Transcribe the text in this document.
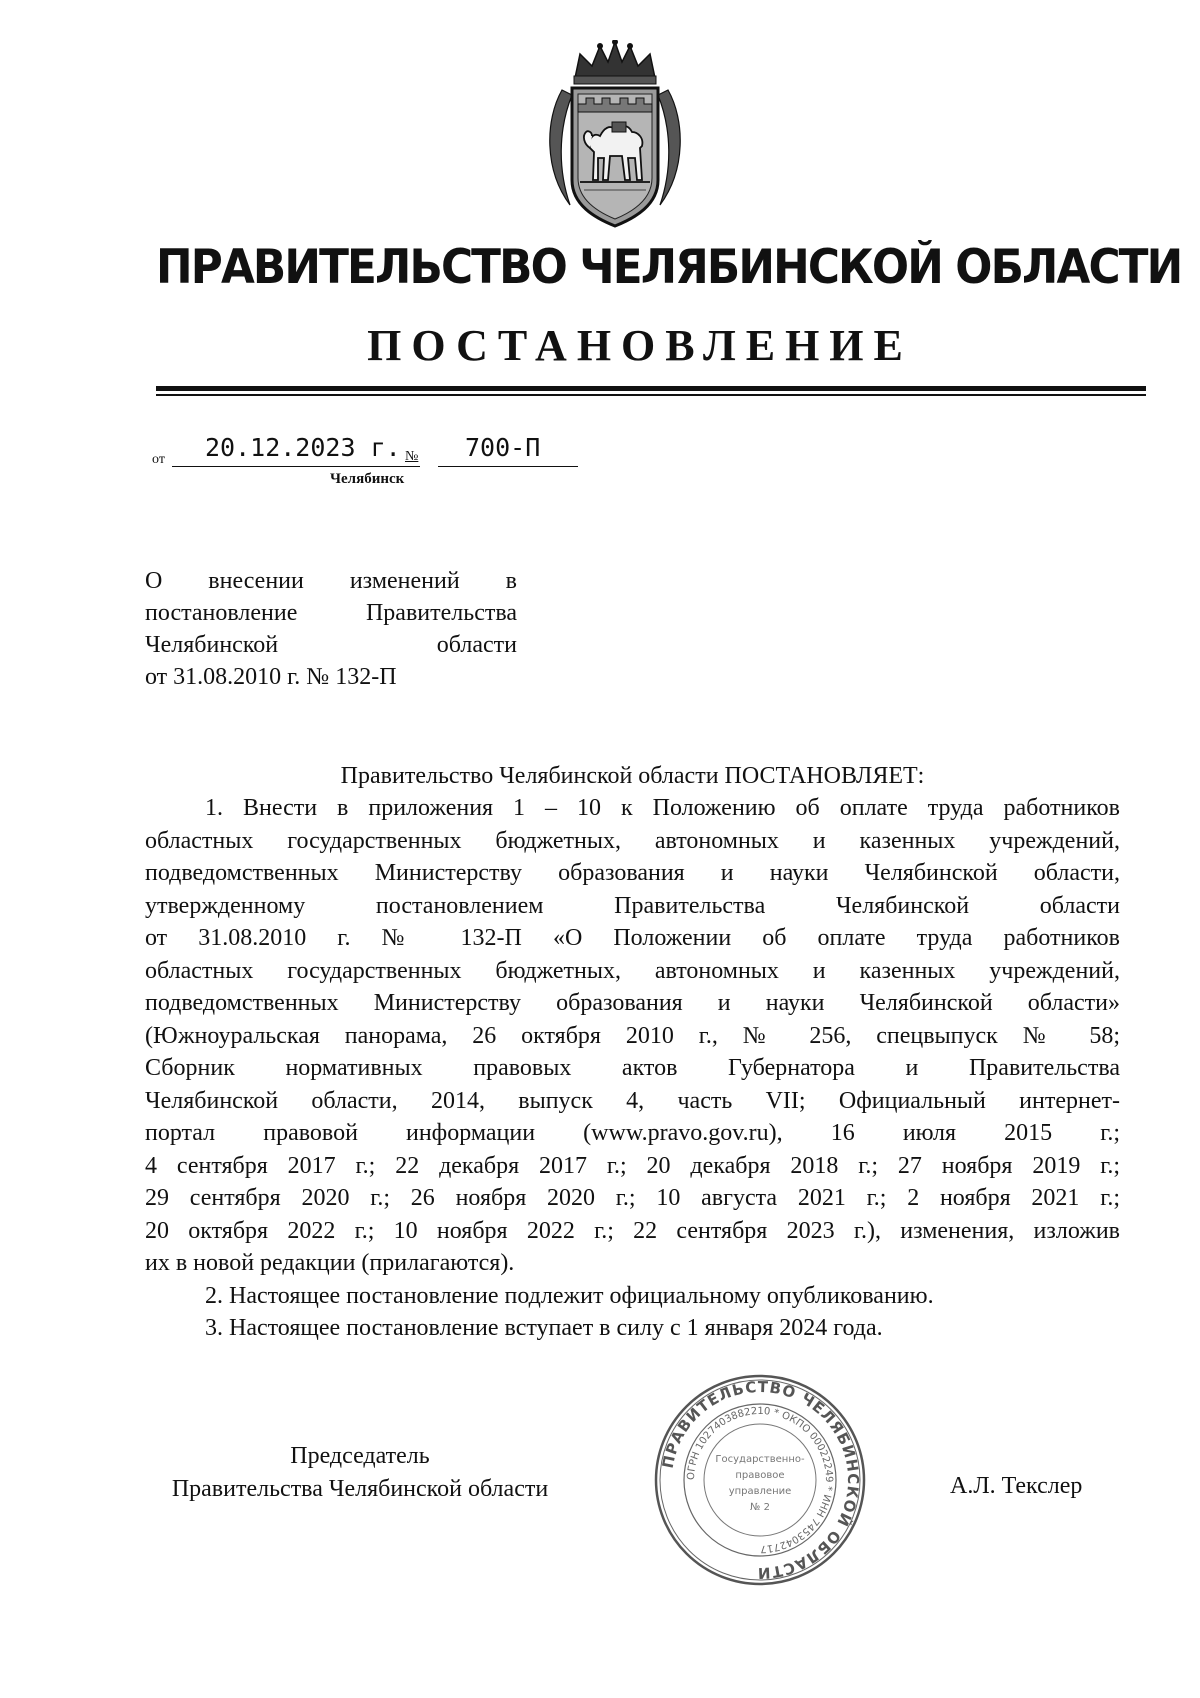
ПРАВИТЕЛЬСТВО ЧЕЛЯБИНСКОЙ ОБЛАСТИ
ПОСТАНОВЛЕНИЕ
от 20.12.2023 г. № 700-П
Челябинск
О внесении изменений в
постановление Правительства
Челябинской области
от 31.08.2010 г. № 132-П
Правительство Челябинской области ПОСТАНОВЛЯЕТ:
1. Внести в приложения 1 – 10 к Положению об оплате труда работников
областных государственных бюджетных, автономных и казенных учреждений,
подведомственных Министерству образования и науки Челябинской области,
утвержденному постановлением Правительства Челябинской области
от 31.08.2010 г. № 132-П «О Положении об оплате труда работников
областных государственных бюджетных, автономных и казенных учреждений,
подведомственных Министерству образования и науки Челябинской области»
(Южноуральская панорама, 26 октября 2010 г., № 256, спецвыпуск № 58;
Сборник нормативных правовых актов Губернатора и Правительства
Челябинской области, 2014, выпуск 4, часть VII; Официальный интернет-
портал правовой информации (www.pravo.gov.ru), 16 июля 2015 г.;
4 сентября 2017 г.; 22 декабря 2017 г.; 20 декабря 2018 г.; 27 ноября 2019 г.;
29 сентября 2020 г.; 26 ноября 2020 г.; 10 августа 2021 г.; 2 ноября 2021 г.;
20 октября 2022 г.; 10 ноября 2022 г.; 22 сентября 2023 г.), изменения, изложив
их в новой редакции (прилагаются).
2. Настоящее постановление подлежит официальному опубликованию.
3. Настоящее постановление вступает в силу с 1 января 2024 года.
Председатель
Правительства Челябинской области	А.Л. Текслер
ПРАВИТЕЛЬСТВО ЧЕЛЯБИНСКОЙ ОБЛАСТИ
ОГРН 1027403882210 * ОКПО 00022249 * ИНН 7453042717
Государственно-
правовое
управление
№ 2
